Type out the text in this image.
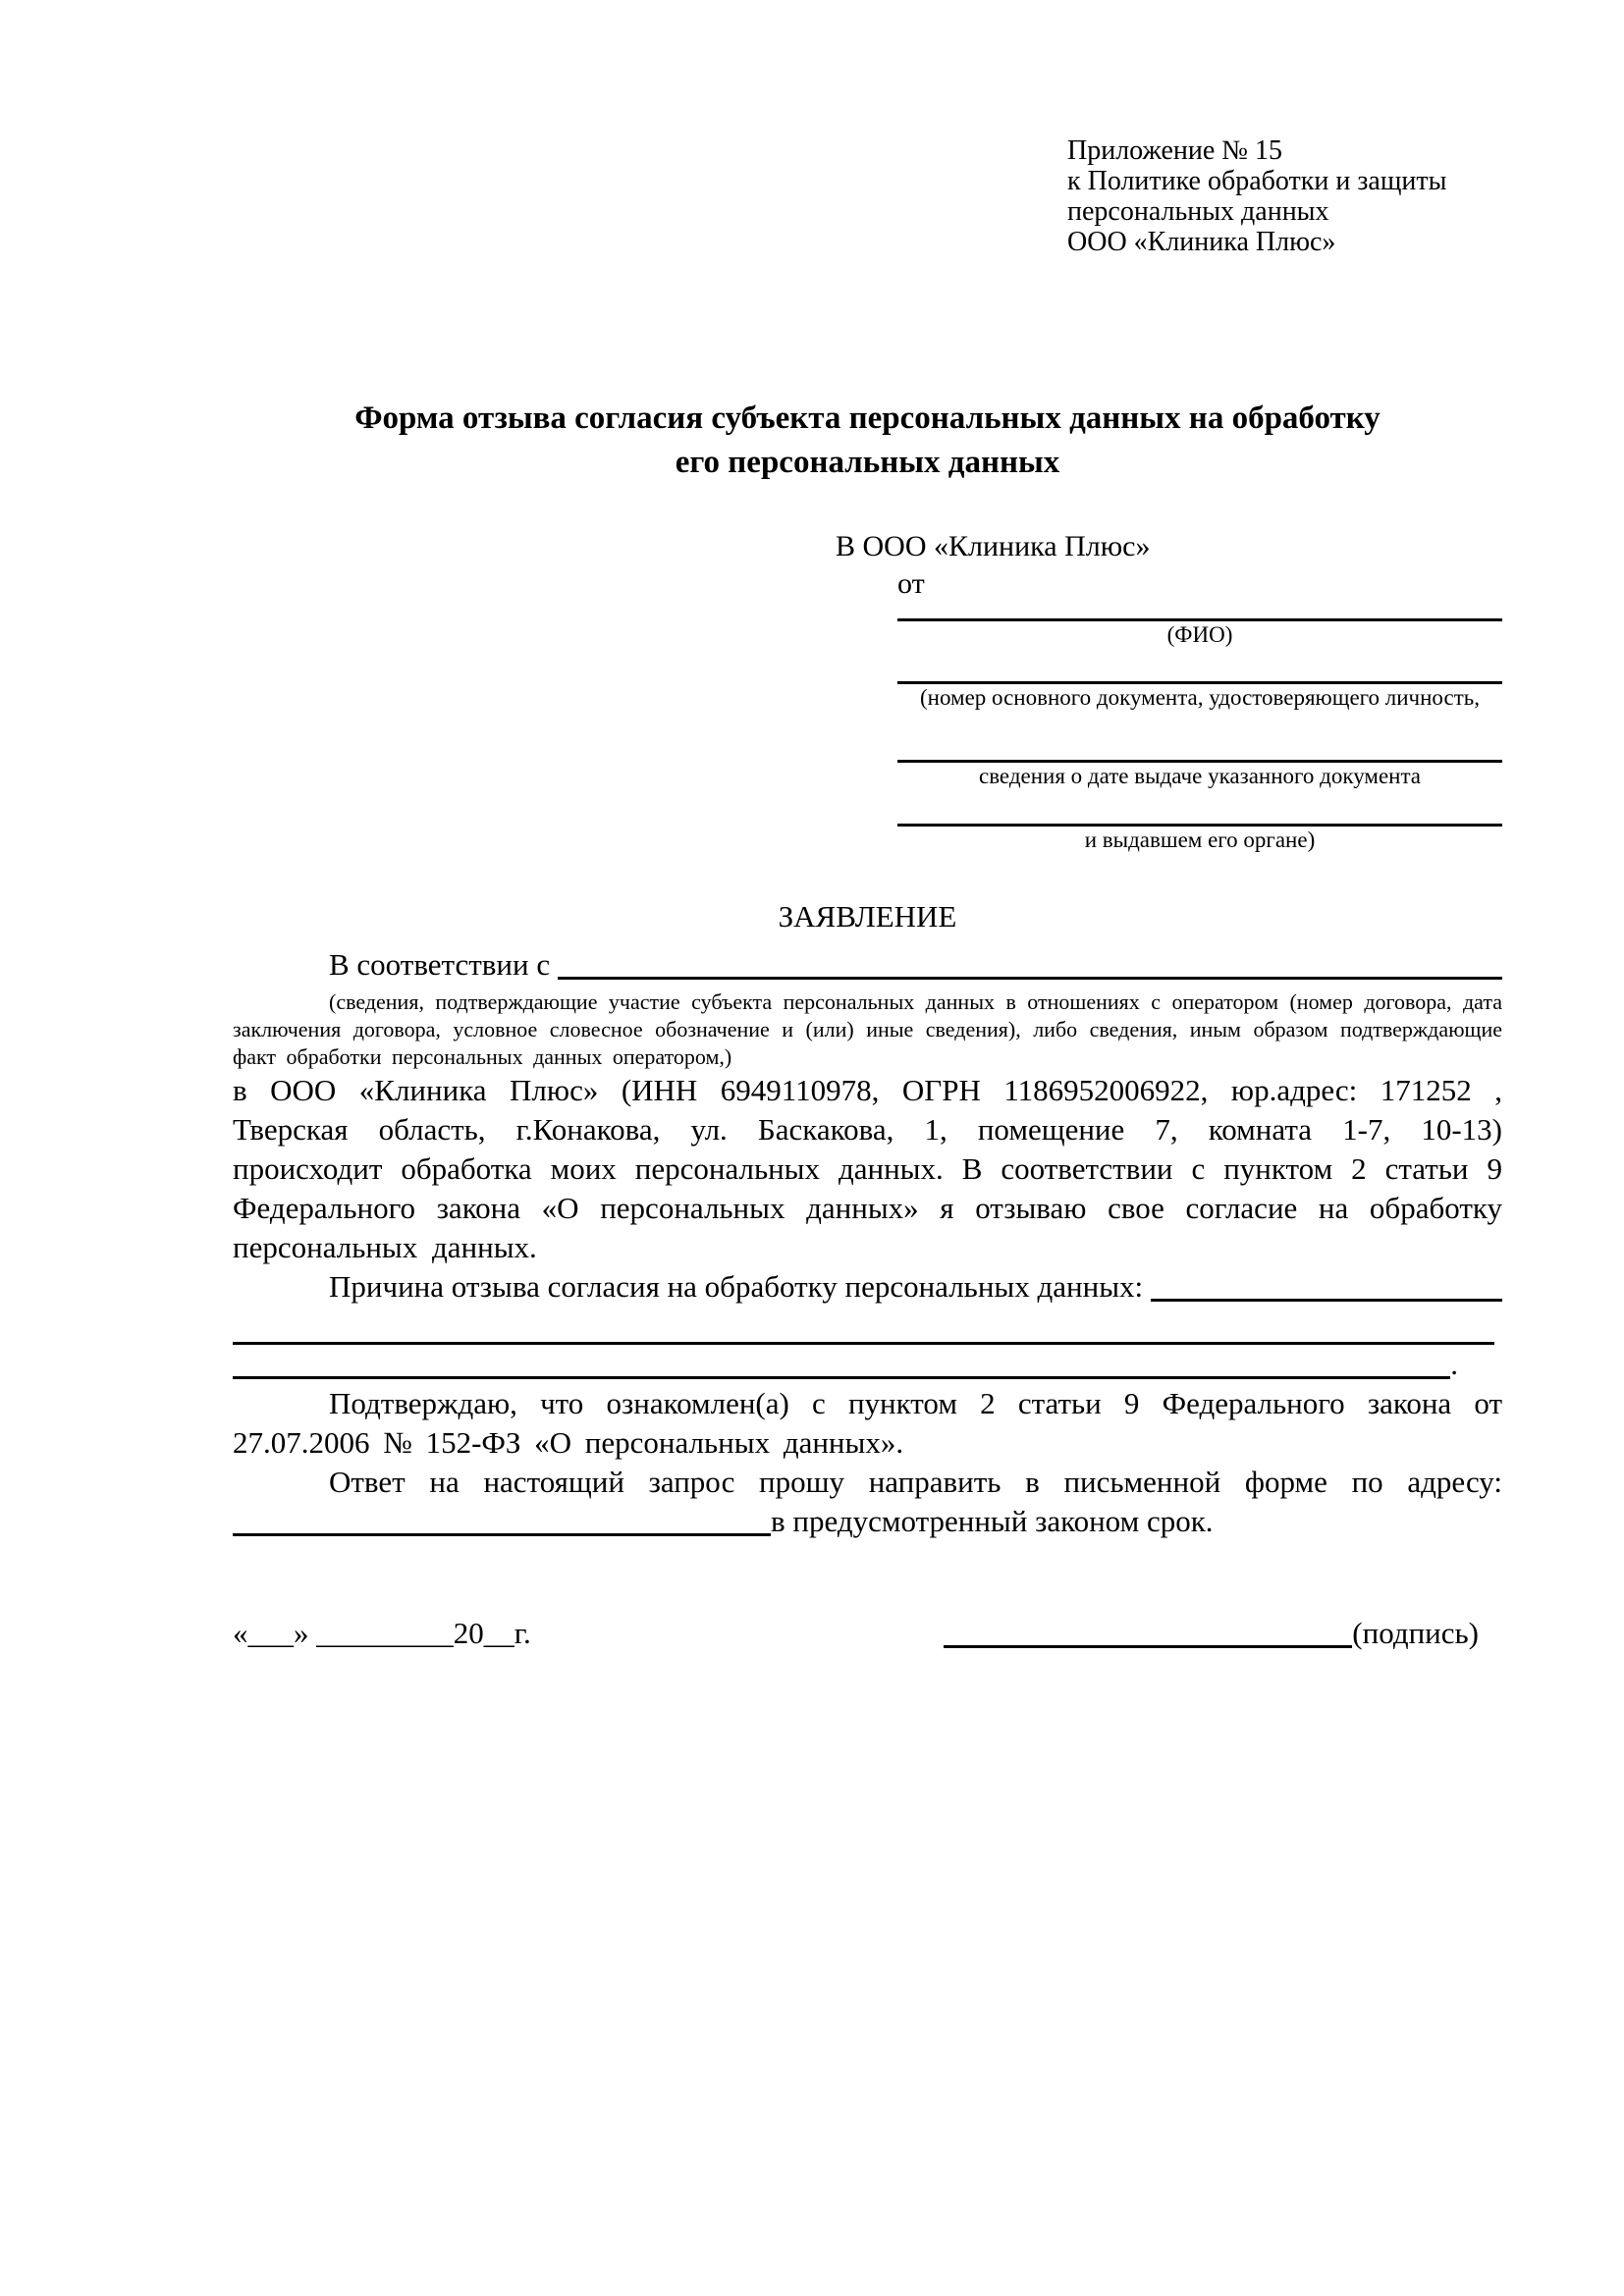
Приложение № 15
к Политике обработки и защиты
персональных данных
ООО «Клиника Плюс»
Форма отзыва согласия субъекта персональных данных на обработку
его персональных данных
В ООО «Клиника Плюс»
от
(ФИО)
(номер основного документа, удостоверяющего личность,
сведения о дате выдаче указанного документа
и выдавшем его органе)
ЗАЯВЛЕНИЕ
В соответствии с
(сведения, подтверждающие участие субъекта персональных данных в отношениях с оператором (номер договора, дата заключения договора, условное словесное обозначение и (или) иные сведения), либо сведения, иным образом подтверждающие факт обработки персональных данных оператором,)
в ООО «Клиника Плюс» (ИНН 6949110978, ОГРН 1186952006922, юр.адрес: 171252 , Тверская область, г.Конакова, ул. Баскакова, 1, помещение 7, комната 1-7, 10-13) происходит обработка моих персональных данных. В соответствии с пунктом 2 статьи 9 Федерального закона «О персональных данных» я отзываю свое согласие на обработку персональных данных.
Причина отзыва согласия на обработку персональных данных:
.
Подтверждаю, что ознакомлен(а) с пунктом 2 статьи 9 Федерального закона от 27.07.2006 № 152-ФЗ «О персональных данных».
Ответ на настоящий запрос прошу направить в письменной форме по адресу:
в предусмотренный законом срок.
«___» _________20__г.	(подпись)
